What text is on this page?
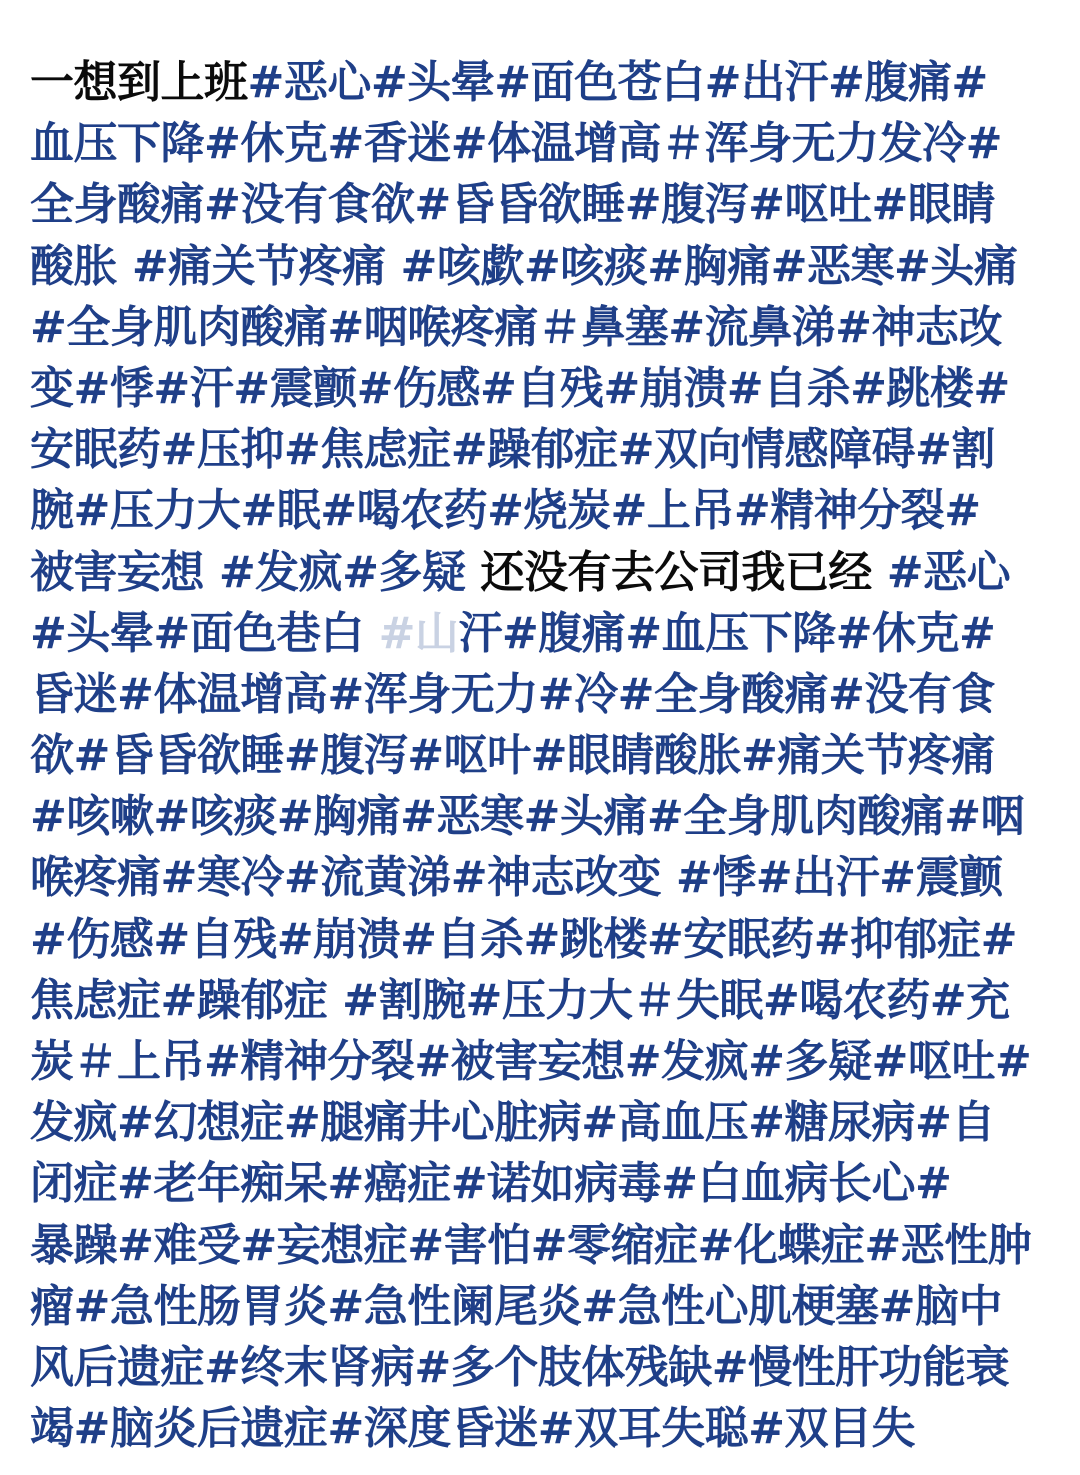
一想到上班#恶心#头晕#面色苍白#出汗#腹痛#
血压下降#休克#香迷#体温增高＃浑身无力发冷#
全身酸痛#没有食欲#昏昏欲睡#腹泻#呕吐#眼睛
酸胀 #痛关节疼痛 #咳歔#咳痰#胸痛#恶寒#头痛
#全身肌肉酸痛#咽喉疼痛＃鼻塞#流鼻涕#神志改
变#悸#汗#震颤#伤感#自残#崩溃#自杀#跳楼#
安眠药#压抑#焦虑症#躁郁症#双向情感障碍#割
腕#压力大#眠#喝农药#烧炭#上吊#精神分裂#
被害妄想 #发疯#多疑 还没有去公司我已经 #恶心
#头晕#面色巷白 #山汗#腹痛#血压下降#休克#
昏迷#体温增高#浑身无力#冷#全身酸痛#没有食
欲#昏昏欲睡#腹泻#呕叶#眼睛酸胀#痛关节疼痛
#咳嗽#咳痰#胸痛#恶寒#头痛#全身肌肉酸痛#咽
喉疼痛#寒冷#流黄涕#神志改变 #悸#出汗#震颤
#伤感#自残#崩溃#自杀#跳楼#安眠药#抑郁症#
焦虑症#躁郁症 #割腕#压力大＃失眠#喝农药#充
炭＃上吊#精神分裂#被害妄想#发疯#多疑#呕吐#
发疯#幻想症#腿痛井心脏病#高血压#糖尿病#自
闭症#老年痴呆#癌症#诺如病毒#白血病长心#
暴躁#难受#妄想症#害怕#零缩症#化蝶症#恶性肿
瘤#急性肠胃炎#急性阑尾炎#急性心肌梗塞#脑中
风后遗症#终末肾病#多个肢体残缺#慢性肝功能衰
竭#脑炎后遗症#深度昏迷#双耳失聪#双目失
